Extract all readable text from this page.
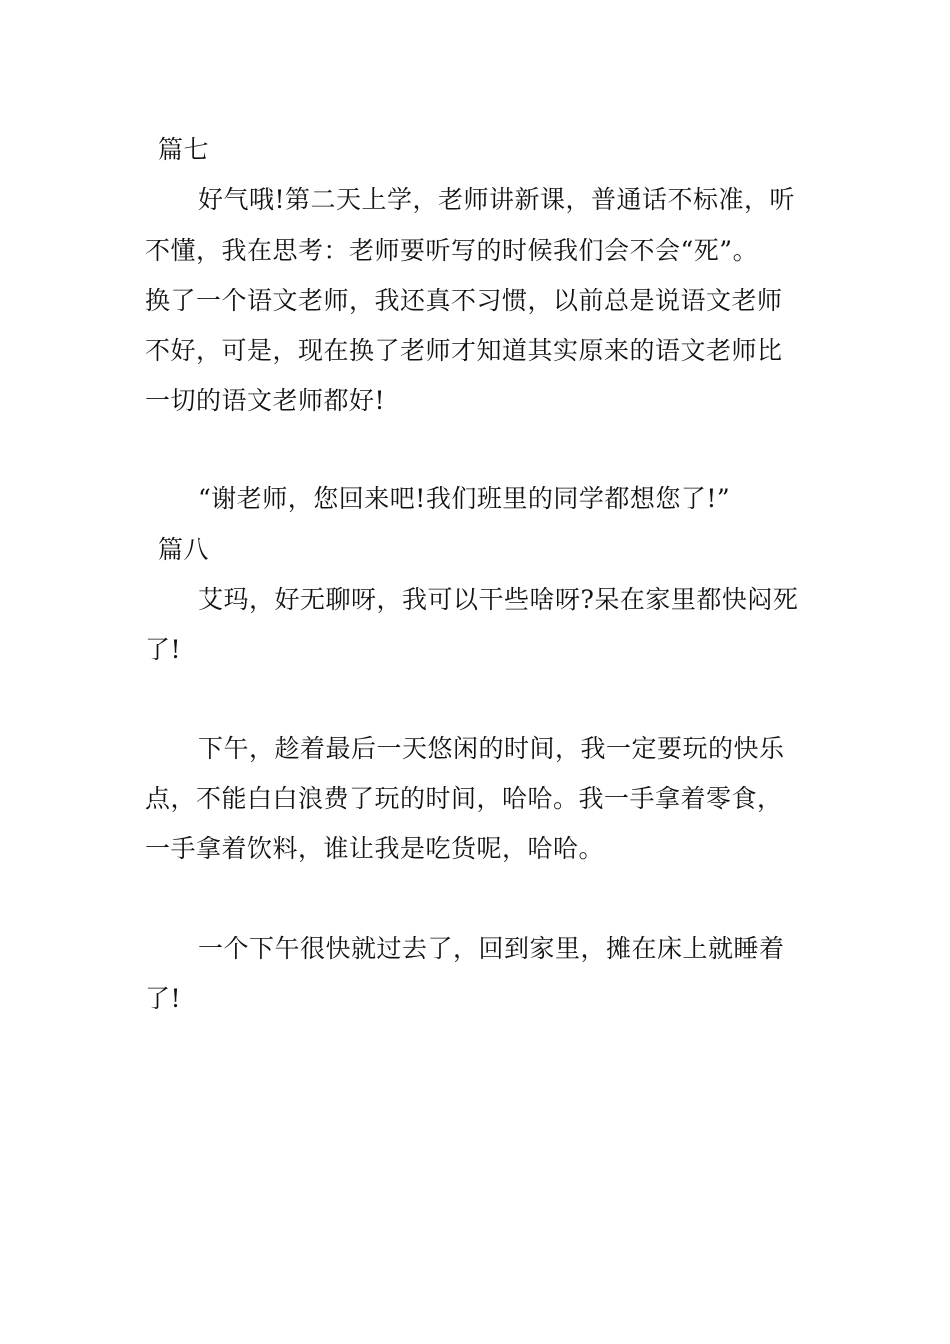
篇七
好气哦!第二天上学，老师讲新课，普通话不标准，听
不懂，我在思考：老师要听写的时候我们会不会“死”。
换了一个语文老师，我还真不习惯，以前总是说语文老师
不好，可是，现在换了老师才知道其实原来的语文老师比
一切的语文老师都好!
“谢老师，您回来吧!我们班里的同学都想您了!”
篇八
艾玛，好无聊呀，我可以干些啥呀?呆在家里都快闷死
了!
下午，趁着最后一天悠闲的时间，我一定要玩的快乐
点，不能白白浪费了玩的时间，哈哈。我一手拿着零食，
一手拿着饮料，谁让我是吃货呢，哈哈。
一个下午很快就过去了，回到家里，摊在床上就睡着
了!
